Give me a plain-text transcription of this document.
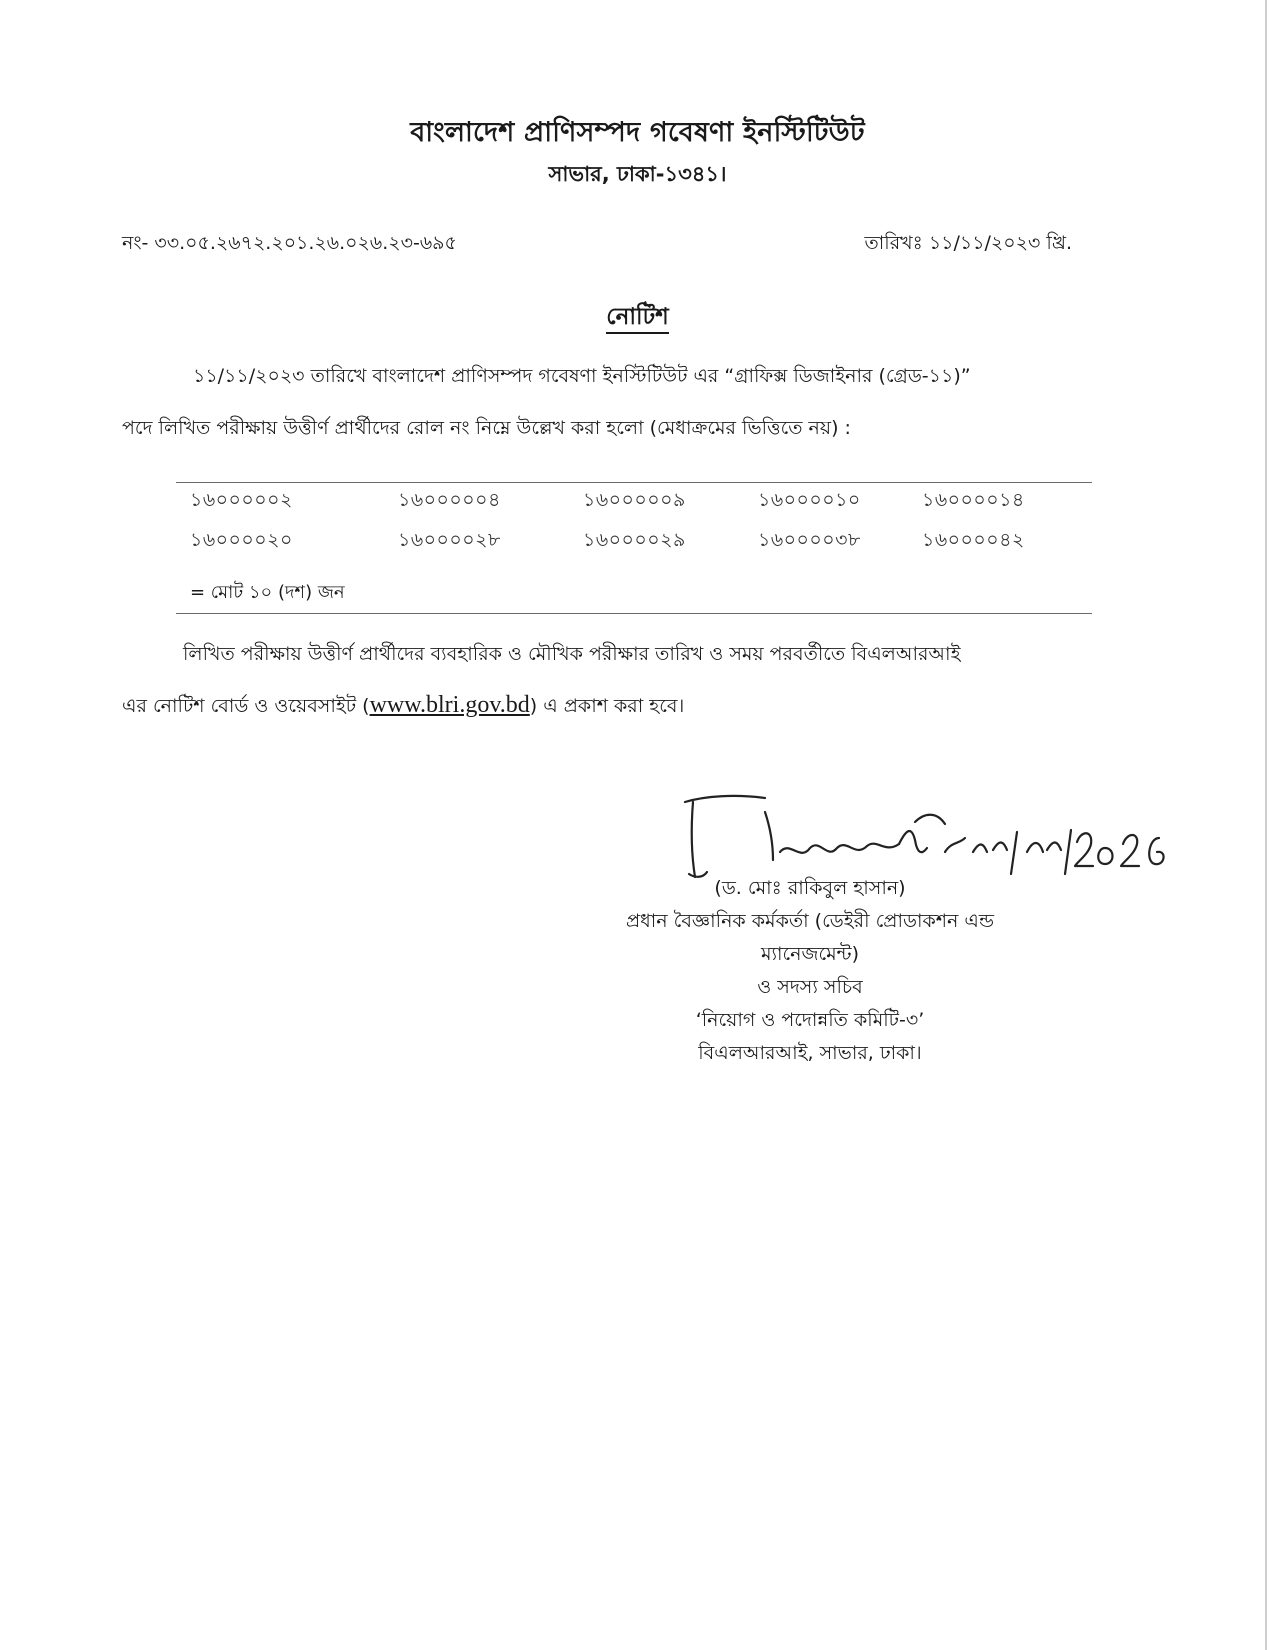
বাংলাদেশ প্রাণিসম্পদ গবেষণা ইনস্টিটিউট
সাভার, ঢাকা-১৩৪১।
নং- ৩৩.০৫.২৬৭২.২০১.২৬.০২৬.২৩-৬৯৫	তারিখঃ ১১/১১/২০২৩ খ্রি.
নোটিশ
১১/১১/২০২৩ তারিখে বাংলাদেশ প্রাণিসম্পদ গবেষণা ইনস্টিটিউট এর “গ্রাফিক্স ডিজাইনার (গ্রেড-১১)”
পদে লিখিত পরীক্ষায় উত্তীর্ণ প্রার্থীদের রোল নং নিম্নে উল্লেখ করা হলো (মেধাক্রমের ভিত্তিতে নয়) :
১৬০০০০০২	১৬০০০০০৪	১৬০০০০০৯	১৬০০০০১০	১৬০০০০১৪
১৬০০০০২০	১৬০০০০২৮	১৬০০০০২৯	১৬০০০০৩৮	১৬০০০০৪২
= মোট ১০ (দশ) জন
লিখিত পরীক্ষায় উত্তীর্ণ প্রার্থীদের ব্যবহারিক ও মৌখিক পরীক্ষার তারিখ ও সময় পরবর্তীতে বিএলআরআই
এর নোটিশ বোর্ড ও ওয়েবসাইট (www.blri.gov.bd) এ প্রকাশ করা হবে।
(ড. মোঃ রাকিবুল হাসান)
প্রধান বৈজ্ঞানিক কর্মকর্তা (ডেইরী প্রোডাকশন এন্ড
ম্যানেজমেন্ট)
ও সদস্য সচিব
‘নিয়োগ ও পদোন্নতি কমিটি-৩’
বিএলআরআই, সাভার, ঢাকা।
